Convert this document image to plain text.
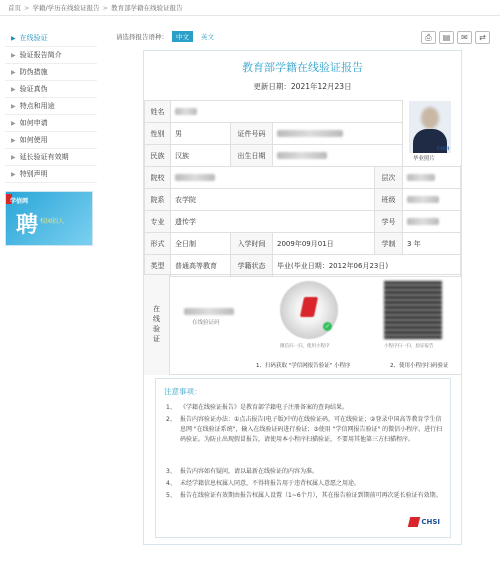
首页 > 学籍/学历在线验证报告 > 教育部学籍在线验证报告
▶ 在线验证
▶ 验证报告简介
▶ 防伪措施
▶ 验证真伪
▶ 特点和用途
▶ 如何申请
▶ 如何使用
▶ 延长验证有效期
▶ 特别声明
学信网
聘 校园招人
请选择报告语种：	中文	英文	⎙	▤	✉	⇄
教育部学籍在线验证报告
更新日期：2021年12月23日
姓名					
性别	男	证件号码			
民族	汉族	出生日期			
院校				层次	
院系	农学院			班级	
专业	遗传学			学号	
形式	全日制	入学时间	2009年09月01日	学制	3 年
类型	普通高等教育	学籍状态	毕业(毕业日期：2012年06月23日)		
CHSI
毕业照片
在线验证	在线验证码	✓
微信扫一扫，使用小程序	小程序扫一扫，验证报告
1、扫码获取 "学信网报告验证" 小程序	2、使用小程序扫码验证
注意事项：
1、 《学籍在线验证报告》是教育部学籍电子注册备案的查询结果。
2、 报告内容验证办法：①点击报告(电子版)中的在线验证码，可在线验证；②登录中国高等教育学生信息网 "在线验证系统"，输入在线验证码进行验证；③使用 "学信网报告验证" 的微信小程序，进行扫码验证。为防止出现假冒报告，请使用本小程序扫描验证，不要用其他第三方扫描程序。
3、 报告内容如有疑问，请以最新在线验证的内容为准。
4、 未经学籍信息权属人同意，不得将报告用于违背权属人意愿之用途。
5、 报告在线验证有效期由报告权属人设置（1~6个月），其在报告验证到期前可再次延长验证有效期。
CHSI
